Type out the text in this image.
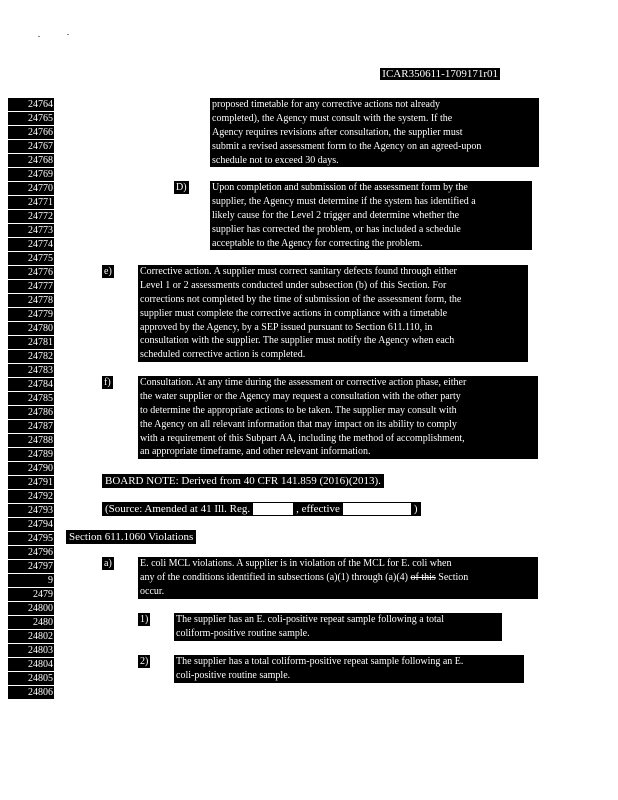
ICAR350611-1709171r01
24764
24765
24766
24767
24768
24769
24770
24771
24772
24773
24774
24775
24776
24777
24778
24779
24780
24781
24782
24783
24784
24785
24786
24787
24788
24789
24790
24791
24792
24793
24794
24795
24796
24797
9
2479
24800
2480
24802
24803
24804
24805
24806
proposed timetable for any corrective actions not already
completed), the Agency must consult with the system. If the
Agency requires revisions after consultation, the supplier must
submit a revised assessment form to the Agency on an agreed-upon
schedule not to exceed 30 days.
D)	Upon completion and submission of the assessment form by the
supplier, the Agency must determine if the system has identified a
likely cause for the Level 2 trigger and determine whether the
supplier has corrected the problem, or has included a schedule
acceptable to the Agency for correcting the problem.
e)	Corrective action. A supplier must correct sanitary defects found through either
Level 1 or 2 assessments conducted under subsection (b) of this Section. For
corrections not completed by the time of submission of the assessment form, the
supplier must complete the corrective actions in compliance with a timetable
approved by the Agency, by a SEP issued pursuant to Section 611.110, in
consultation with the supplier. The supplier must notify the Agency when each
scheduled corrective action is completed.
f)	Consultation. At any time during the assessment or corrective action phase, either
the water supplier or the Agency may request a consultation with the other party
to determine the appropriate actions to be taken. The supplier may consult with
the Agency on all relevant information that may impact on its ability to comply
with a requirement of this Subpart AA, including the method of accomplishment,
an appropriate timeframe, and other relevant information.
BOARD NOTE: Derived from 40 CFR 141.859 (2016)(2013).
(Source: Amended at 41 Ill. Reg.	, effective	)
Section 611.1060 Violations
a)	E. coli MCL violations. A supplier is in violation of the MCL for E. coli when
any of the conditions identified in subsections (a)(1) through (a)(4) of this Section
occur.
1)	The supplier has an E. coli-positive repeat sample following a total
coliform-positive routine sample.
2)	The supplier has a total coliform-positive repeat sample following an E.
coli-positive routine sample.
